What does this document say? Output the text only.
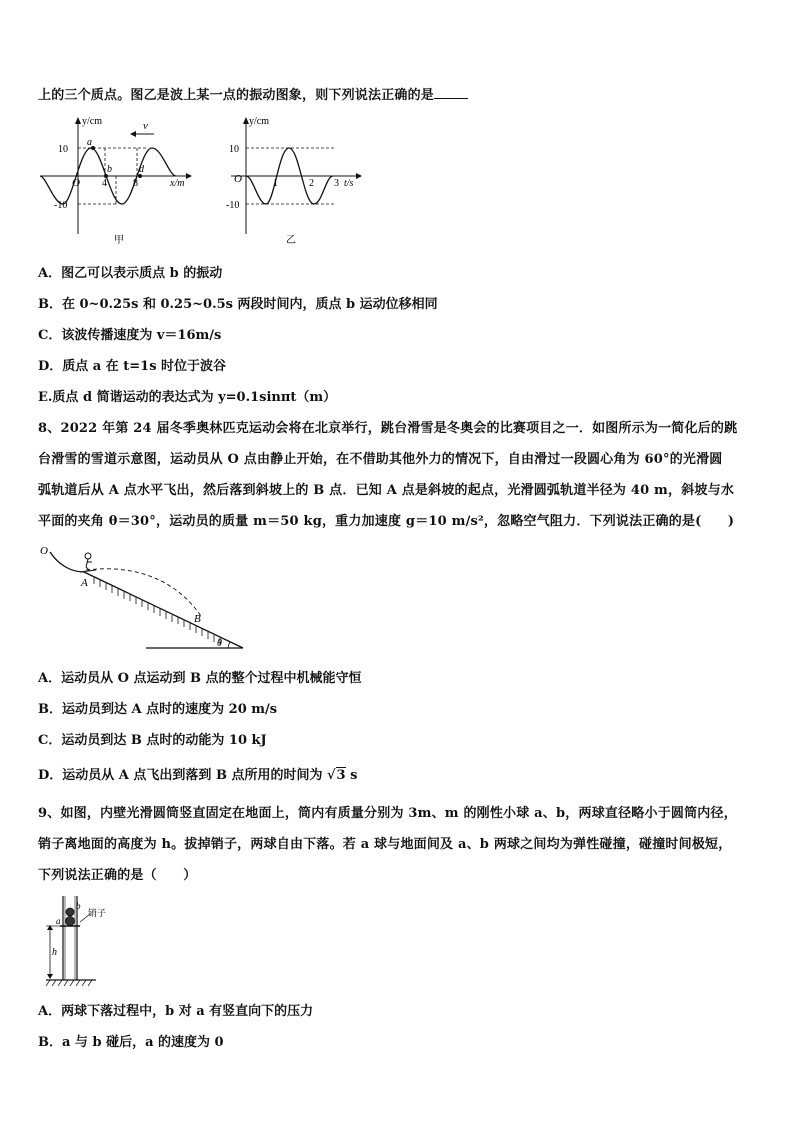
上的三个质点。图乙是波上某一点的振动图象，则下列说法正确的是
v
y/cm
x/m
10
-10
O 4	8
a
b	d
甲
y/cm
t/s
10
-10
O	1	2 3
乙
A．图乙可以表示质点 b 的振动
B．在 0~0.25s 和 0.25~0.5s 两段时间内，质点 b 运动位移相同
C．该波传播速度为 v＝16m/s
D．质点 a 在 t=1s 时位于波谷
E.质点 d 简谐运动的表达式为 y=0.1sinπt（m）
8、2022 年第 24 届冬季奥林匹克运动会将在北京举行，跳台滑雪是冬奥会的比赛项目之一．如图所示为一简化后的跳
台滑雪的雪道示意图，运动员从 O 点由静止开始，在不借助其他外力的情况下，自由滑过一段圆心角为 60°的光滑圆
弧轨道后从 A 点水平飞出，然后落到斜坡上的 B 点．已知 A 点是斜坡的起点，光滑圆弧轨道半径为 40 m，斜坡与水
平面的夹角 θ＝30°，运动员的质量 m＝50 kg，重力加速度 g＝10 m/s²，忽略空气阻力．下列说法正确的是(　　)
O
A
B
θ
A．运动员从 O 点运动到 B 点的整个过程中机械能守恒
B．运动员到达 A 点时的速度为 20 m/s
C．运动员到达 B 点时的动能为 10 kJ
D．运动员从 A 点飞出到落到 B 点所用的时间为 √3 s
9、如图，内壁光滑圆筒竖直固定在地面上，筒内有质量分别为 3m、m 的刚性小球 a、b，两球直径略小于圆筒内径，
销子离地面的高度为 h。拔掉销子，两球自由下落。若 a 球与地面间及 a、b 两球之间均为弹性碰撞，碰撞时间极短，
下列说法正确的是（　　）
h
a
b
销子
A．两球下落过程中，b 对 a 有竖直向下的压力
B．a 与 b 碰后，a 的速度为 0
